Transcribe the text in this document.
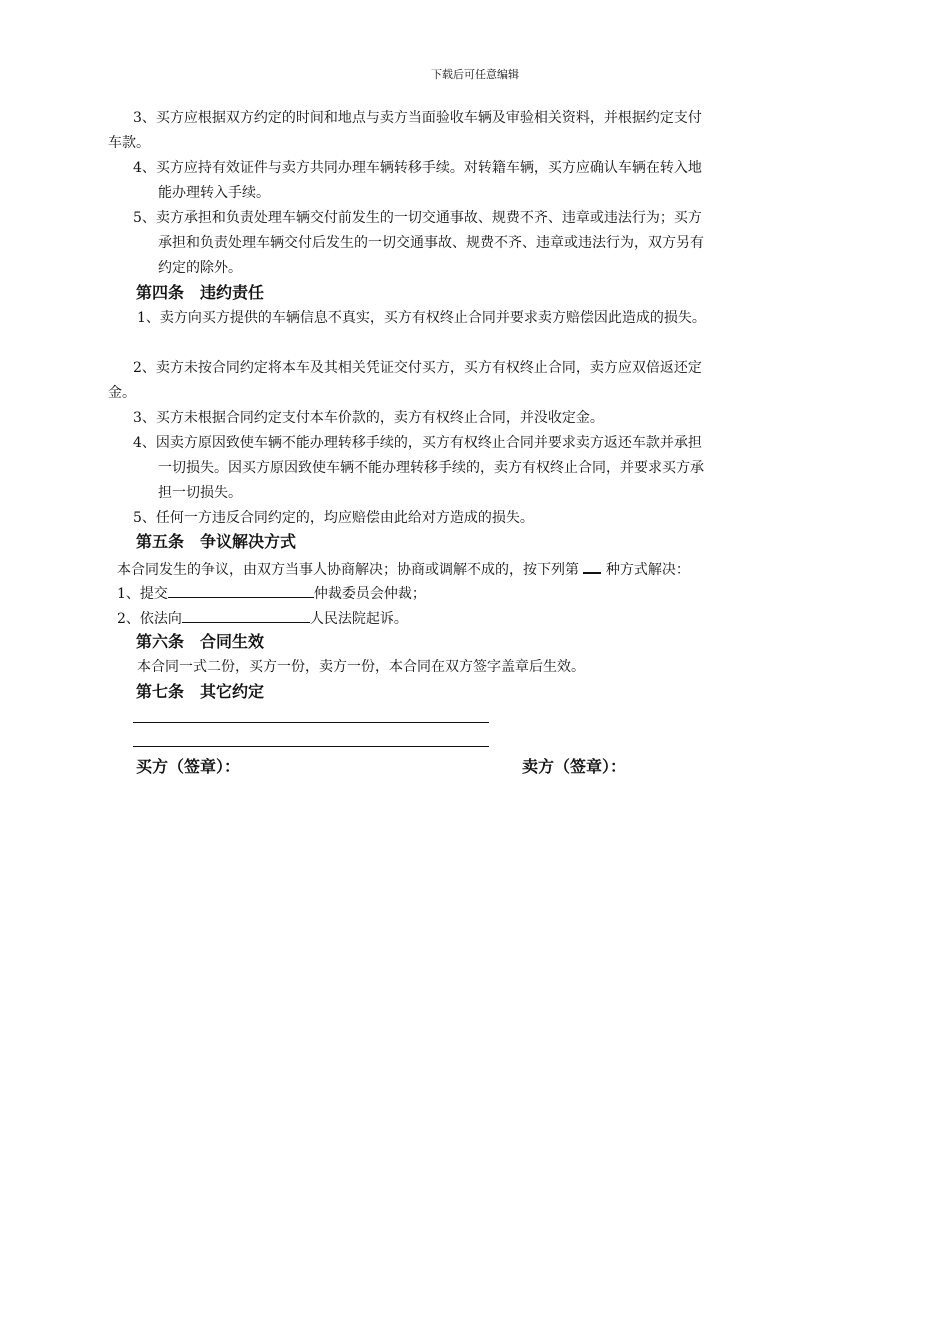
下载后可任意编辑
3、买方应根据双方约定的时间和地点与卖方当面验收车辆及审验相关资料，并根据约定支付
车款。
4、买方应持有效证件与卖方共同办理车辆转移手续。对转籍车辆，买方应确认车辆在转入地
能办理转入手续。
5、卖方承担和负责处理车辆交付前发生的一切交通事故、规费不齐、违章或违法行为；买方
承担和负责处理车辆交付后发生的一切交通事故、规费不齐、违章或违法行为，双方另有
约定的除外。
第四条　违约责任
1、卖方向买方提供的车辆信息不真实，买方有权终止合同并要求卖方赔偿因此造成的损失。
2、卖方未按合同约定将本车及其相关凭证交付买方，买方有权终止合同，卖方应双倍返还定
金。
3、买方未根据合同约定支付本车价款的，卖方有权终止合同，并没收定金。
4、因卖方原因致使车辆不能办理转移手续的，买方有权终止合同并要求卖方返还车款并承担
一切损失。因买方原因致使车辆不能办理转移手续的，卖方有权终止合同，并要求买方承
担一切损失。
5、任何一方违反合同约定的，均应赔偿由此给对方造成的损失。
第五条　争议解决方式
本合同发生的争议，由双方当事人协商解决；协商或调解不成的，按下列第 种方式解决：
1、提交	仲裁委员会仲裁；
2、依法向	人民法院起诉。
第六条　合同生效
本合同一式二份，买方一份，卖方一份，本合同在双方签字盖章后生效。
第七条　其它约定
买方（签章）：	卖方（签章）：
